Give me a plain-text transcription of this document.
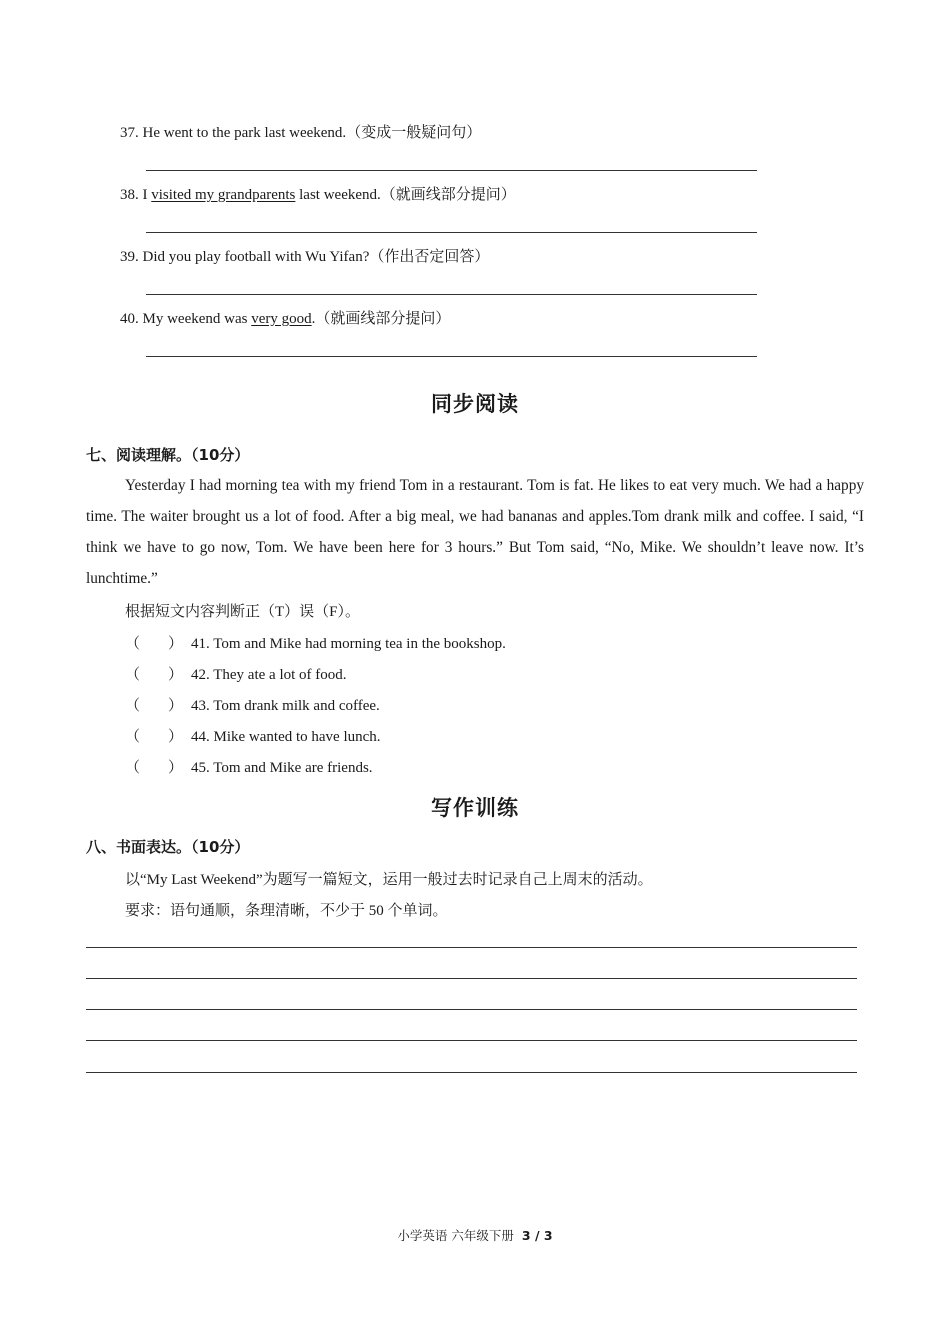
37. He went to the park last weekend.（变成一般疑问句）
38. I visited my grandparents last weekend.（就画线部分提问）
39. Did you play football with Wu Yifan?（作出否定回答）
40. My weekend was very good.（就画线部分提问）
同步阅读
七、阅读理解。（10分）
Yesterday I had morning tea with my friend Tom in a restaurant. Tom is fat. He likes to eat very much. We had a happy time. The waiter brought us a lot of food. After a big meal, we had bananas and apples.Tom drank milk and coffee. I said, “I think we have to go now, Tom. We have been here for 3 hours.” But Tom said, “No, Mike. We shouldn’t leave now. It’s lunchtime.”
根据短文内容判断正（T）误（F）。
（ ） 41. Tom and Mike had morning tea in the bookshop.
（ ） 42. They ate a lot of food.
（ ） 43. Tom drank milk and coffee.
（ ） 44. Mike wanted to have lunch.
（ ） 45. Tom and Mike are friends.
写作训练
八、书面表达。（10分）
以“My Last Weekend”为题写一篇短文，运用一般过去时记录自己上周末的活动。
要求：语句通顺，条理清晰，不少于 50 个单词。
小学英语 六年级下册 3 / 3
